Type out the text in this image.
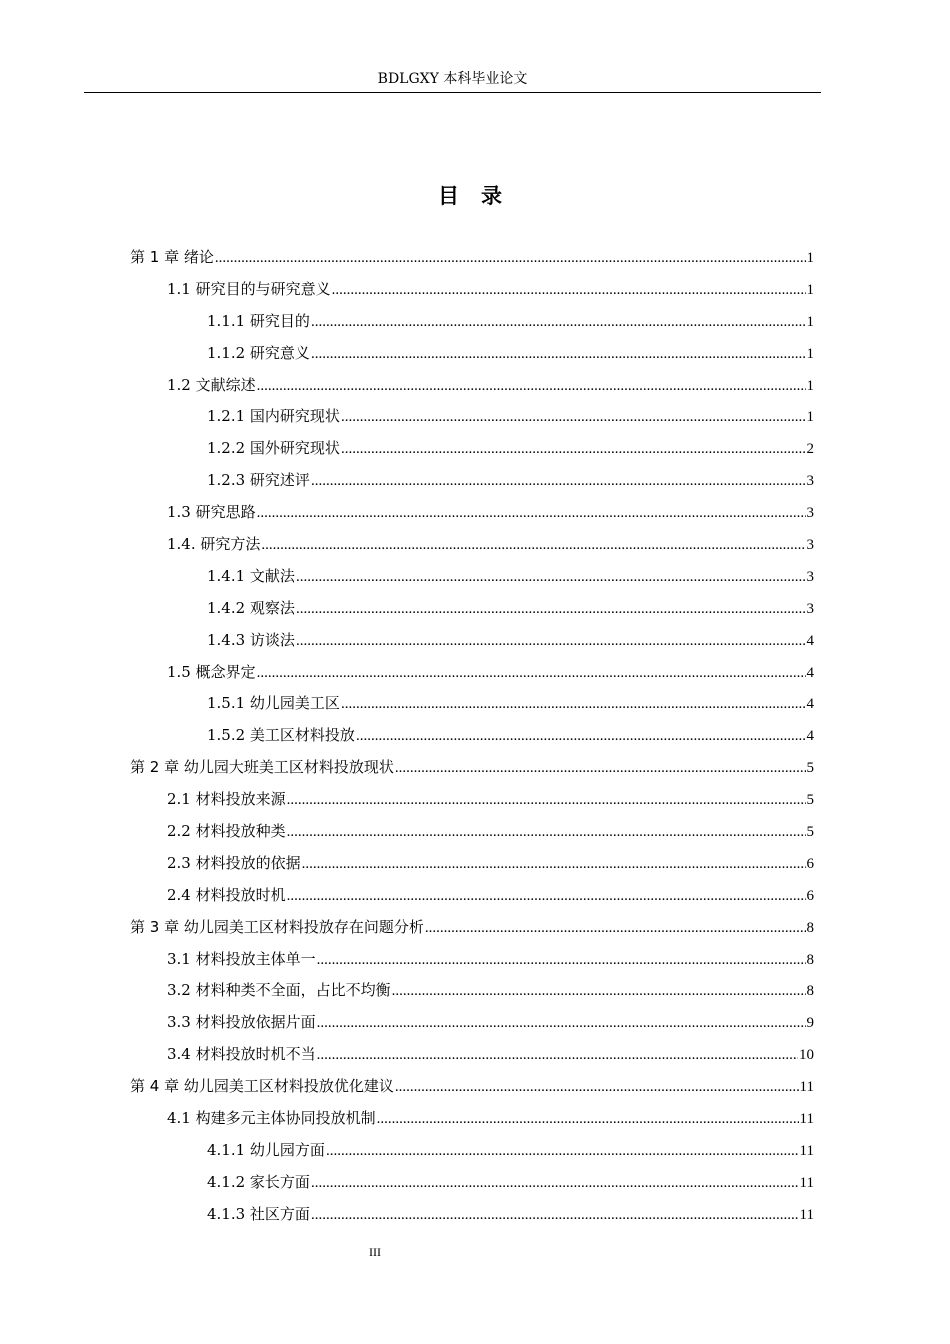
BDLGXY 本科毕业论文
目录
第 1 章 绪论 .....	1
1.1 研究目的与研究意义 .....	1
1.1.1 研究目的 .....	1
1.1.2 研究意义 .....	1
1.2 文献综述 .....	1
1.2.1 国内研究现状 .....	1
1.2.2 国外研究现状 .....	2
1.2.3 研究述评 .....	3
1.3 研究思路 .....	3
1.4. 研究方法 .....	3
1.4.1 文献法 .....	3
1.4.2 观察法 .....	3
1.4.3 访谈法 .....	4
1.5 概念界定 .....	4
1.5.1 幼儿园美工区 .....	4
1.5.2 美工区材料投放 .....	4
第 2 章 幼儿园大班美工区材料投放现状 .....	5
2.1 材料投放来源 .....	5
2.2 材料投放种类 .....	5
2.3 材料投放的依据 .....	6
2.4 材料投放时机 .....	6
第 3 章 幼儿园美工区材料投放存在问题分析 .....	8
3.1 材料投放主体单一 .....	8
3.2 材料种类不全面，占比不均衡 .....	8
3.3 材料投放依据片面 .....	9
3.4 材料投放时机不当 .....	10
第 4 章 幼儿园美工区材料投放优化建议 .....	11
4.1 构建多元主体协同投放机制 .....	11
4.1.1 幼儿园方面 .....	11
4.1.2 家长方面 .....	11
4.1.3 社区方面 .....	11
III
